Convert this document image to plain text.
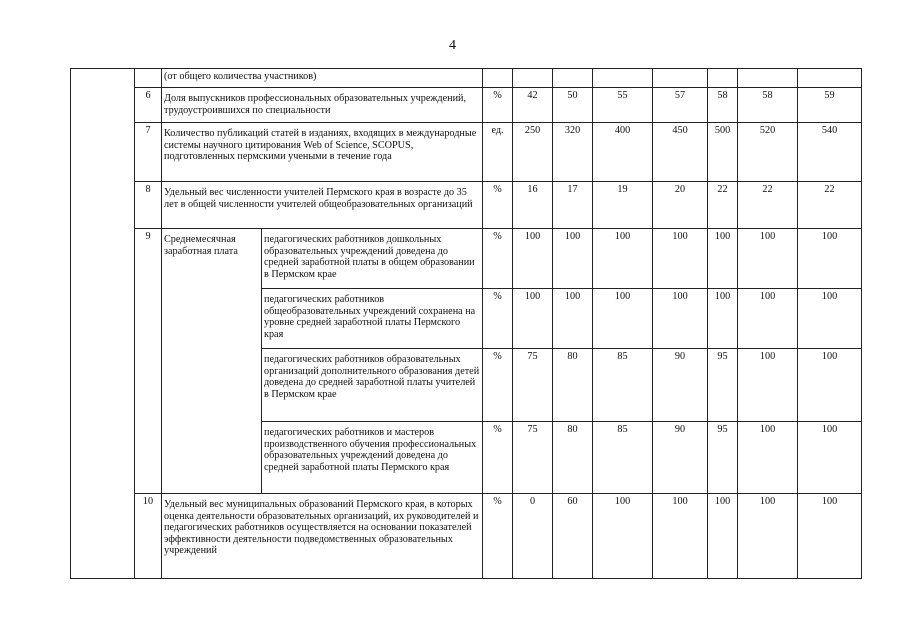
4
		(от общего количества участников)									
	6	Доля выпускников профессиональных образовательных учреждений, трудоустроившихся по специальности		%	42	50	55	57	58	58	59
	7	Количество публикаций статей в изданиях, входящих в международные системы научного цитирования Web of Science, SCOPUS, подготовленных пермскими учеными в течение года		ед.	250	320	400	450	500	520	540
	8	Удельный вес численности учителей Пермского края в возрасте до 35 лет в общей численности учителей общеобразовательных организаций		%	16	17	19	20	22	22	22
	9	Среднемесячная заработная плата	педагогических работников дошкольных образовательных учреждений доведена до средней заработной платы в общем образовании в Пермском крае	%	100	100	100	100	100	100	100
			педагогических работников общеобразовательных учреждений сохранена на уровне средней заработной платы Пермского края	%	100	100	100	100	100	100	100
			педагогических работников образовательных организаций дополнительного образования детей доведена до средней заработной платы учителей в Пермском крае	%	75	80	85	90	95	100	100
			педагогических работников и мастеров производственного обучения профессиональных образовательных учреждений доведена до средней заработной платы Пермского края	%	75	80	85	90	95	100	100
	10	Удельный вес муниципальных образований Пермского края, в которых оценка деятельности образовательных организаций, их руководителей и педагогических работников осуществляется на основании показателей эффективности деятельности подведомственных образовательных учреждений		%	0	60	100	100	100	100	100
